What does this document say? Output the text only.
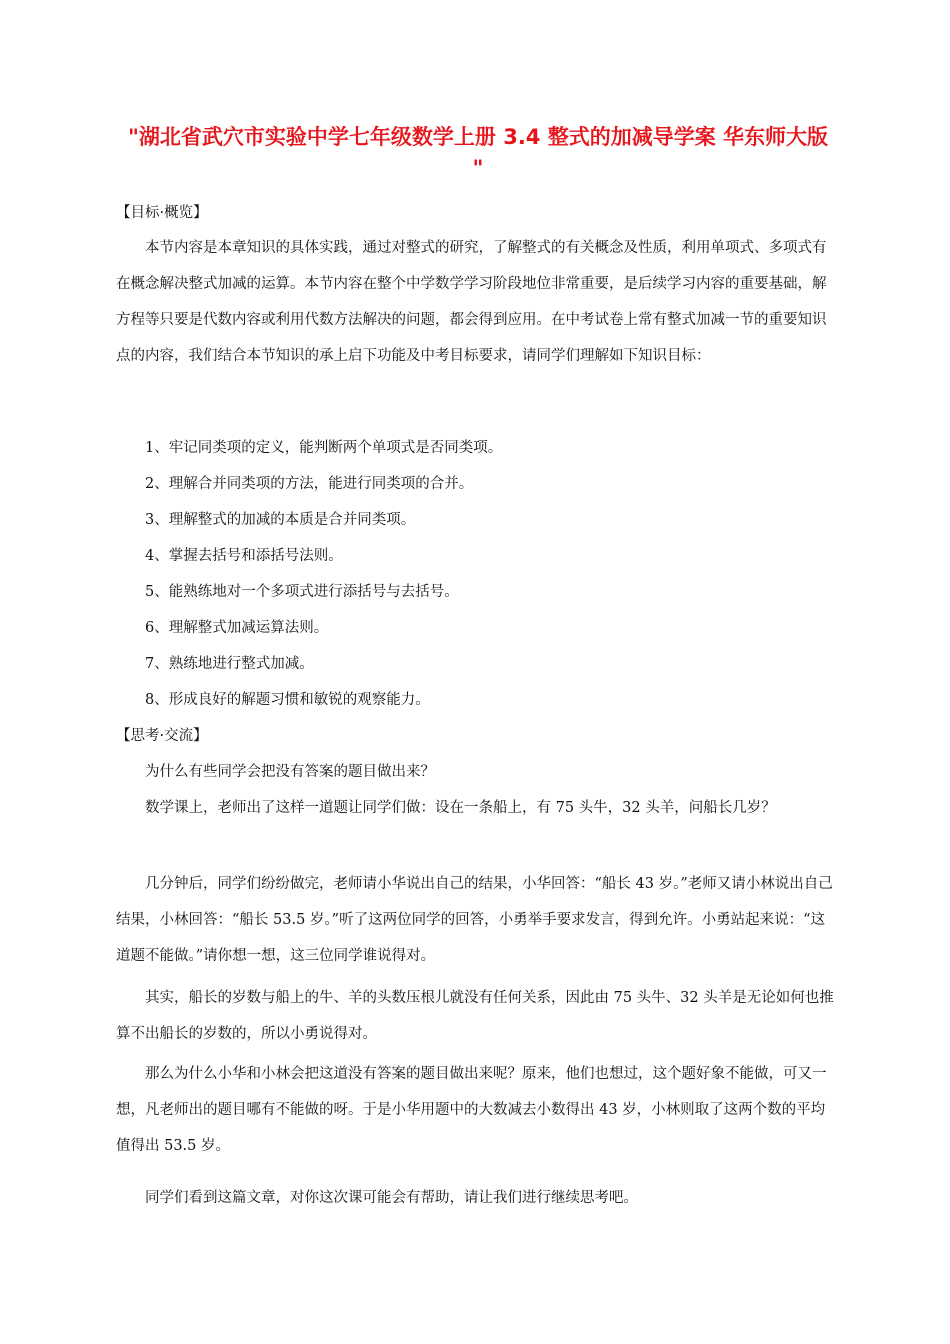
"湖北省武穴市实验中学七年级数学上册 3.4 整式的加减导学案 华东师大版 "
【目标·概览】
本节内容是本章知识的具体实践，通过对整式的研究，了解整式的有关概念及性质，利用单项式、多项式有在概念解决整式加减的运算。本节内容在整个中学数学学习阶段地位非常重要，是后续学习内容的重要基础，解方程等只要是代数内容或利用代数方法解决的问题，都会得到应用。在中考试卷上常有整式加减一节的重要知识点的内容，我们结合本节知识的承上启下功能及中考目标要求，请同学们理解如下知识目标：
1、牢记同类项的定义，能判断两个单项式是否同类项。
2、理解合并同类项的方法，能进行同类项的合并。
3、理解整式的加减的本质是合并同类项。
4、掌握去括号和添括号法则。
5、能熟练地对一个多项式进行添括号与去括号。
6、理解整式加减运算法则。
7、熟练地进行整式加减。
8、形成良好的解题习惯和敏锐的观察能力。
【思考·交流】
为什么有些同学会把没有答案的题目做出来？
数学课上，老师出了这样一道题让同学们做：设在一条船上，有 75 头牛，32 头羊，问船长几岁？
几分钟后，同学们纷纷做完，老师请小华说出自己的结果，小华回答：“船长 43 岁。”老师又请小林说出自己结果，小林回答：“船长 53.5 岁。”听了这两位同学的回答，小勇举手要求发言，得到允许。小勇站起来说：“这道题不能做。”请你想一想，这三位同学谁说得对。
其实，船长的岁数与船上的牛、羊的头数压根儿就没有任何关系，因此由 75 头牛、32 头羊是无论如何也推算不出船长的岁数的，所以小勇说得对。
那么为什么小华和小林会把这道没有答案的题目做出来呢？原来，他们也想过，这个题好象不能做，可又一想，凡老师出的题目哪有不能做的呀。于是小华用题中的大数减去小数得出 43 岁，小林则取了这两个数的平均值得出 53.5 岁。
同学们看到这篇文章，对你这次课可能会有帮助，请让我们进行继续思考吧。
